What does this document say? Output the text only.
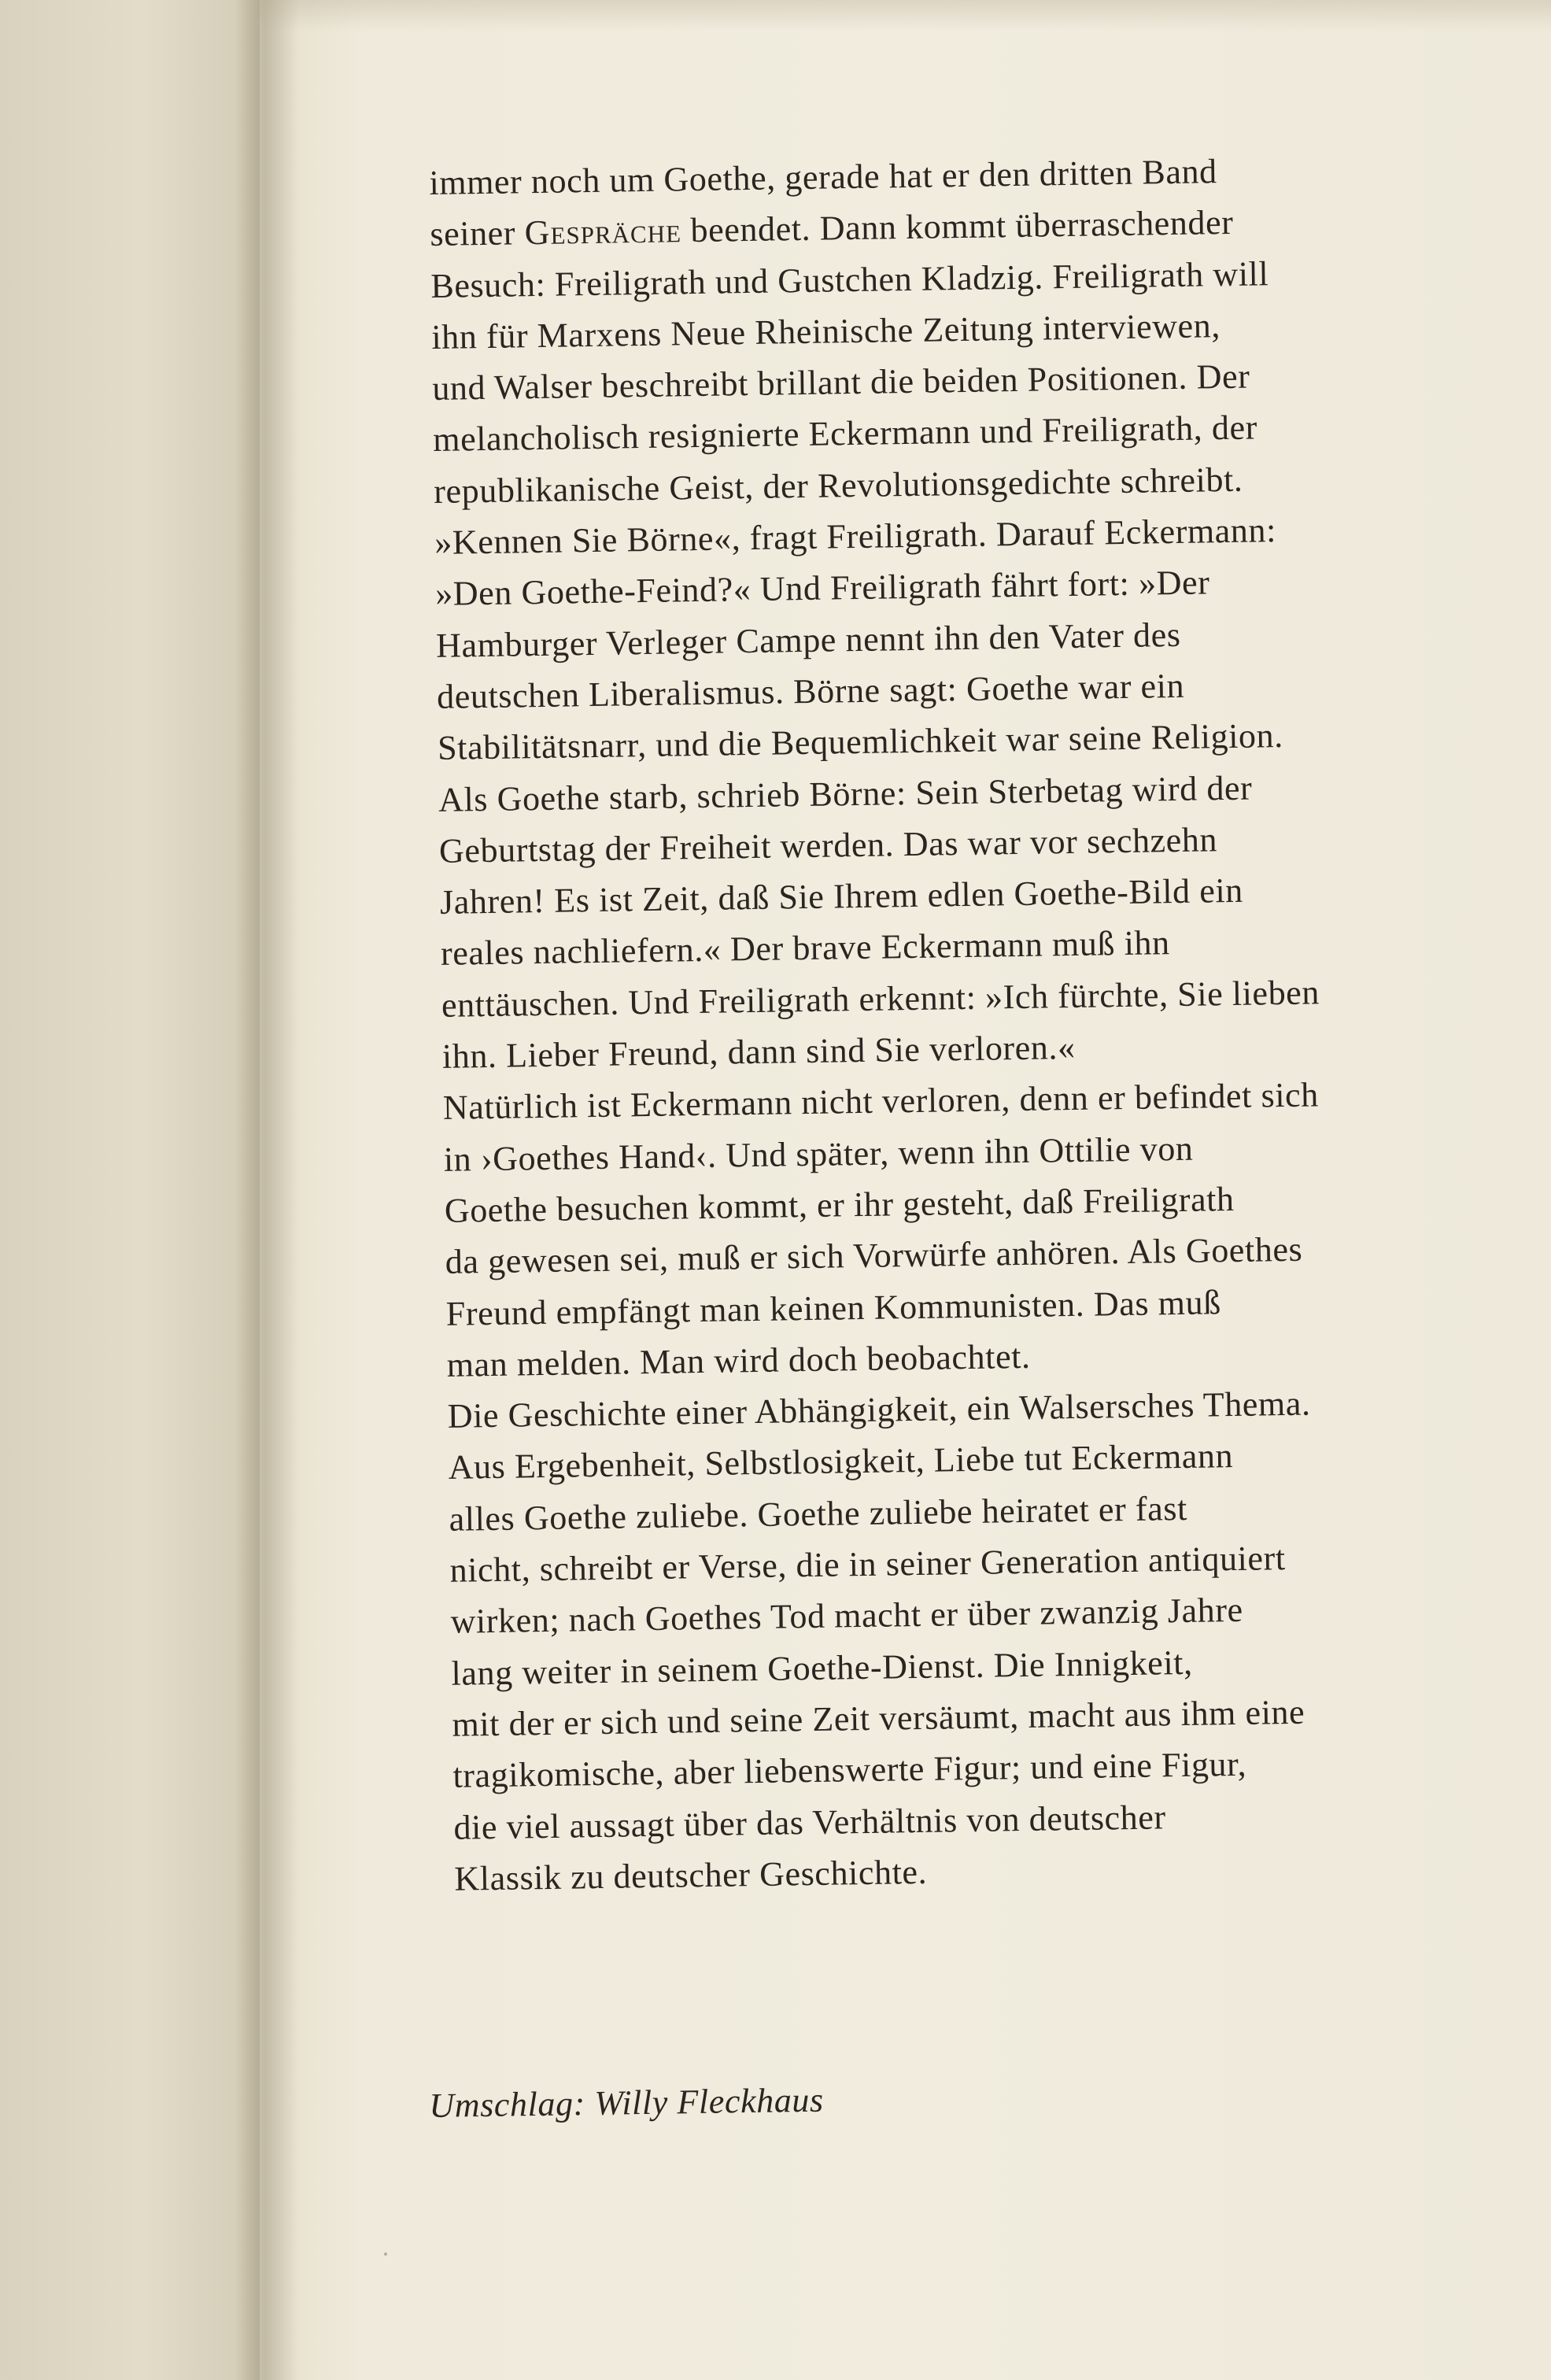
immer noch um Goethe, gerade hat er den dritten Band
seiner Gespräche beendet. Dann kommt überraschender
Besuch: Freiligrath und Gustchen Kladzig. Freiligrath will
ihn für Marxens Neue Rheinische Zeitung interviewen,
und Walser beschreibt brillant die beiden Positionen. Der
melancholisch resignierte Eckermann und Freiligrath, der
republikanische Geist, der Revolutionsgedichte schreibt.
»Kennen Sie Börne«, fragt Freiligrath. Darauf Eckermann:
»Den Goethe-Feind?« Und Freiligrath fährt fort: »Der
Hamburger Verleger Campe nennt ihn den Vater des
deutschen Liberalismus. Börne sagt: Goethe war ein
Stabilitätsnarr, und die Bequemlichkeit war seine Religion.
Als Goethe starb, schrieb Börne: Sein Sterbetag wird der
Geburtstag der Freiheit werden. Das war vor sechzehn
Jahren! Es ist Zeit, daß Sie Ihrem edlen Goethe-Bild ein
reales nachliefern.« Der brave Eckermann muß ihn
enttäuschen. Und Freiligrath erkennt: »Ich fürchte, Sie lieben
ihn. Lieber Freund, dann sind Sie verloren.«
Natürlich ist Eckermann nicht verloren, denn er befindet sich
in ›Goethes Hand‹. Und später, wenn ihn Ottilie von
Goethe besuchen kommt, er ihr gesteht, daß Freiligrath
da gewesen sei, muß er sich Vorwürfe anhören. Als Goethes
Freund empfängt man keinen Kommunisten. Das muß
man melden. Man wird doch beobachtet.
Die Geschichte einer Abhängigkeit, ein Walsersches Thema.
Aus Ergebenheit, Selbstlosigkeit, Liebe tut Eckermann
alles Goethe zuliebe. Goethe zuliebe heiratet er fast
nicht, schreibt er Verse, die in seiner Generation antiquiert
wirken; nach Goethes Tod macht er über zwanzig Jahre
lang weiter in seinem Goethe-Dienst. Die Innigkeit,
mit der er sich und seine Zeit versäumt, macht aus ihm eine
tragikomische, aber liebenswerte Figur; und eine Figur,
die viel aussagt über das Verhältnis von deutscher
Klassik zu deutscher Geschichte.
Umschlag: Willy Fleckhaus
